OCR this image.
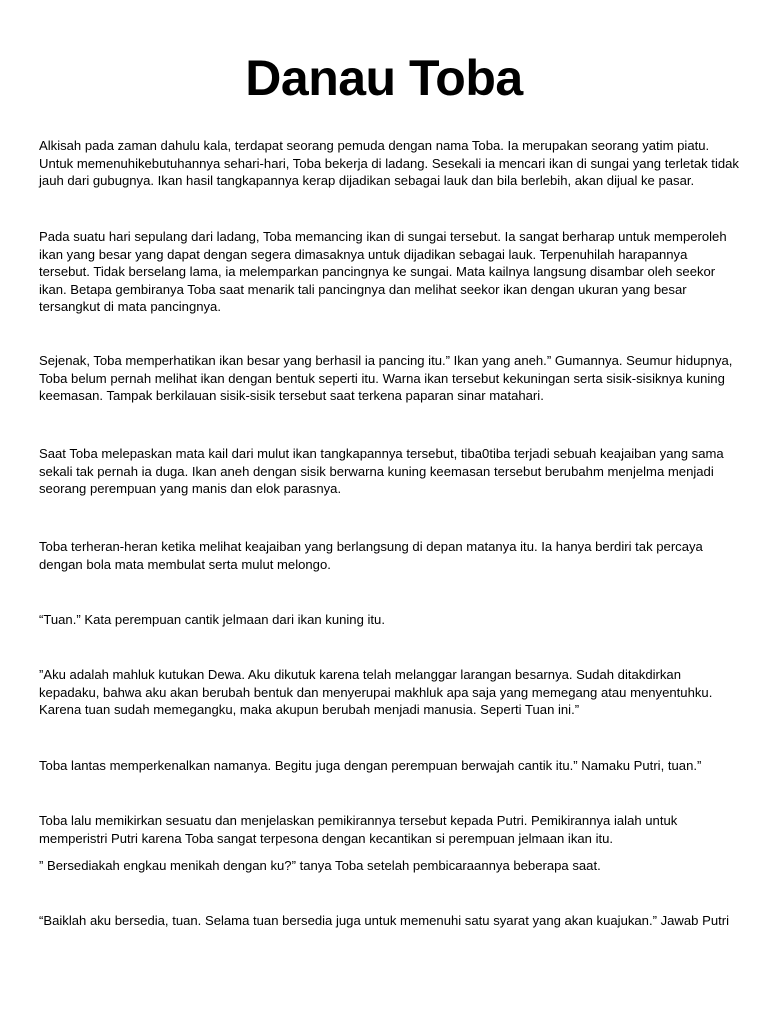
Danau Toba

Alkisah pada zaman dahulu kala, terdapat seorang pemuda dengan nama Toba. Ia merupakan seorang yatim piatu. Untuk memenuhikebutuhannya sehari-hari, Toba bekerja di ladang. Sesekali ia mencari ikan di sungai yang terletak tidak jauh dari gubugnya. Ikan hasil tangkapannya kerap dijadikan sebagai lauk dan bila berlebih, akan dijual ke pasar.

Pada suatu hari sepulang dari ladang, Toba memancing ikan di sungai tersebut. Ia sangat berharap untuk memperoleh ikan yang besar yang dapat dengan segera dimasaknya untuk dijadikan sebagai lauk. Terpenuhilah harapannya tersebut. Tidak berselang lama, ia melemparkan pancingnya ke sungai. Mata kailnya langsung disambar oleh seekor ikan. Betapa gembiranya Toba saat menarik tali pancingnya dan melihat seekor ikan dengan ukuran yang besar tersangkut di mata pancingnya.

Sejenak, Toba memperhatikan ikan besar yang berhasil ia pancing itu.” Ikan yang aneh.” Gumannya. Seumur hidupnya, Toba belum pernah melihat ikan dengan bentuk seperti itu. Warna ikan tersebut kekuningan serta sisik-sisiknya kuning keemasan. Tampak berkilauan sisik-sisik tersebut saat terkena paparan sinar matahari.

Saat Toba melepaskan mata kail dari mulut ikan tangkapannya tersebut, tiba0tiba terjadi sebuah keajaiban yang sama sekali tak pernah ia duga. Ikan aneh dengan sisik berwarna kuning keemasan tersebut berubahm menjelma menjadi seorang perempuan yang manis dan elok parasnya.

Toba terheran-heran ketika melihat keajaiban yang berlangsung di depan matanya itu. Ia hanya berdiri tak percaya dengan bola mata membulat serta mulut melongo.

“Tuan.” Kata perempuan cantik jelmaan dari ikan kuning itu.

”Aku adalah mahluk kutukan Dewa. Aku dikutuk karena telah melanggar larangan besarnya. Sudah ditakdirkan kepadaku, bahwa aku akan berubah bentuk dan menyerupai makhluk apa saja yang memegang atau menyentuhku. Karena tuan sudah memegangku, maka akupun berubah menjadi manusia. Seperti Tuan ini.”

Toba lantas memperkenalkan namanya. Begitu juga dengan perempuan berwajah cantik itu.” Namaku Putri, tuan.”

Toba lalu memikirkan sesuatu dan menjelaskan pemikirannya tersebut kepada Putri. Pemikirannya ialah untuk memperistri Putri karena Toba sangat terpesona dengan kecantikan si perempuan jelmaan ikan itu.

” Bersediakah engkau menikah dengan ku?” tanya Toba setelah pembicaraannya beberapa saat.

“Baiklah aku bersedia, tuan. Selama tuan bersedia juga untuk memenuhi satu syarat yang akan kuajukan.” Jawab Putri
